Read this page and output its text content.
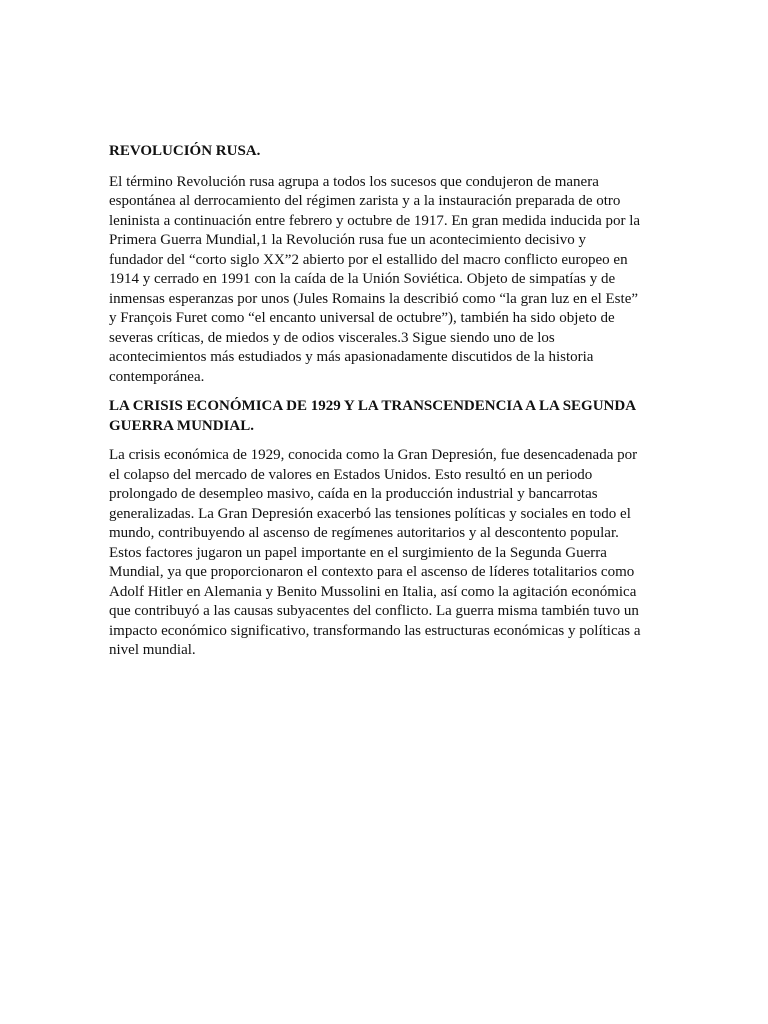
REVOLUCIÓN RUSA.

El término Revolución rusa agrupa a todos los sucesos que condujeron de manera
espontánea al derrocamiento del régimen zarista y a la instauración preparada de otro
leninista a continuación entre febrero y octubre de 1917. En gran medida inducida por la
Primera Guerra Mundial,1 la Revolución rusa fue un acontecimiento decisivo y
fundador del “corto siglo XX”2 abierto por el estallido del macro conflicto europeo en
1914 y cerrado en 1991 con la caída de la Unión Soviética. Objeto de simpatías y de
inmensas esperanzas por unos (Jules Romains la describió como “la gran luz en el Este”
y François Furet como “el encanto universal de octubre”), también ha sido objeto de
severas críticas, de miedos y de odios viscerales.3 Sigue siendo uno de los
acontecimientos más estudiados y más apasionadamente discutidos de la historia
contemporánea.

LA CRISIS ECONÓMICA DE 1929 Y LA TRANSCENDENCIA A LA SEGUNDA
GUERRA MUNDIAL.

La crisis económica de 1929, conocida como la Gran Depresión, fue desencadenada por
el colapso del mercado de valores en Estados Unidos. Esto resultó en un periodo
prolongado de desempleo masivo, caída en la producción industrial y bancarrotas
generalizadas. La Gran Depresión exacerbó las tensiones políticas y sociales en todo el
mundo, contribuyendo al ascenso de regímenes autoritarios y al descontento popular.
Estos factores jugaron un papel importante en el surgimiento de la Segunda Guerra
Mundial, ya que proporcionaron el contexto para el ascenso de líderes totalitarios como
Adolf Hitler en Alemania y Benito Mussolini en Italia, así como la agitación económica
que contribuyó a las causas subyacentes del conflicto. La guerra misma también tuvo un
impacto económico significativo, transformando las estructuras económicas y políticas a
nivel mundial.
